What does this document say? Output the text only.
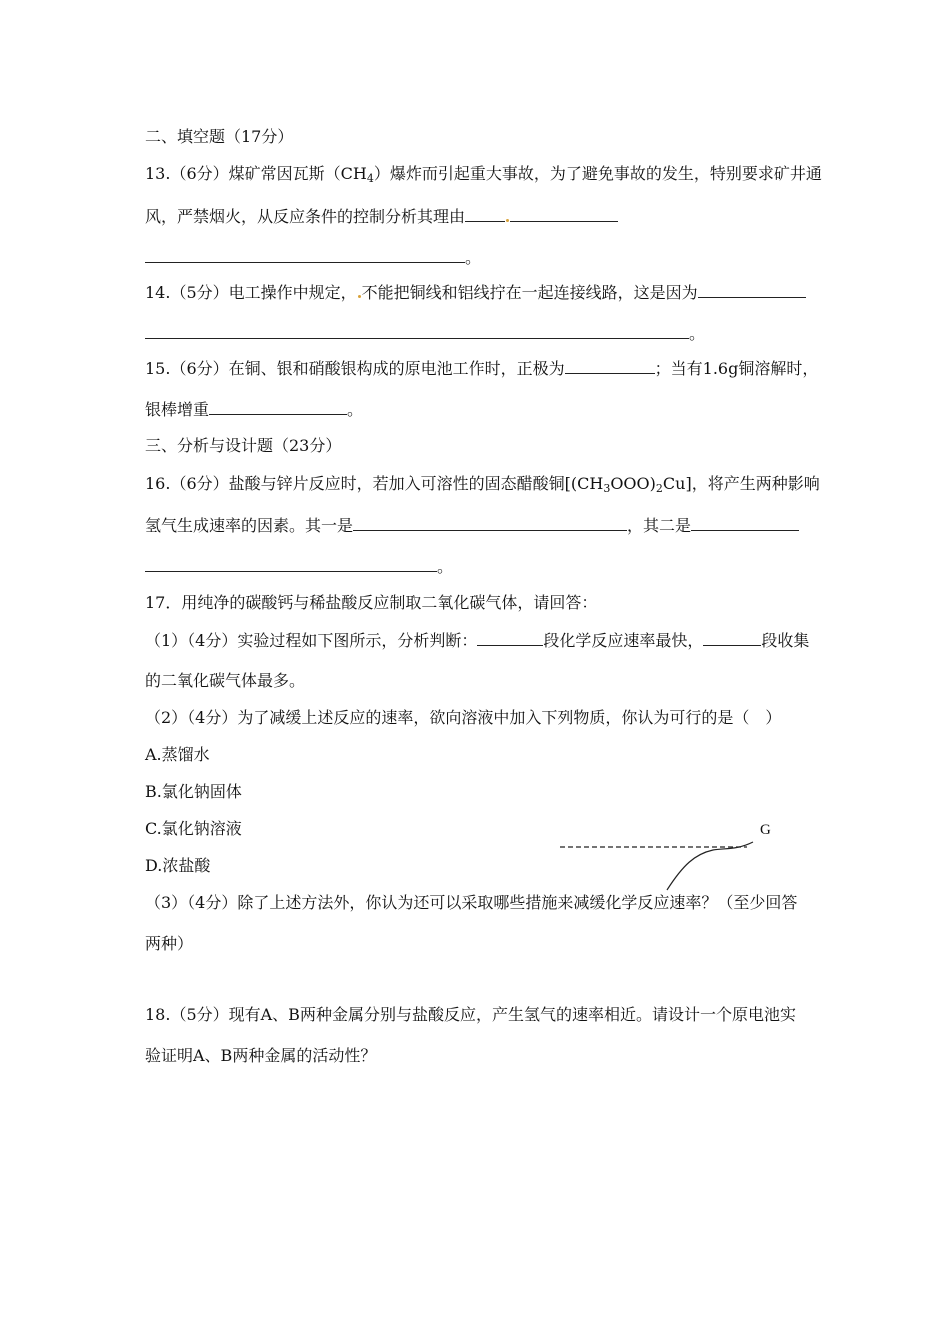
二、填空题（17分）
13.（6分）煤矿常因瓦斯$(CH_4)$爆炸而引起重大事故，为了避免事故的发生，特别要求矿井通
风，严禁烟火，从反应条件的控制分析其理由
。
14.（5分）电工操作中规定， 不能把铜线和铝线拧在一起连接线路，这是因为
。
15.（6分）在铜、银和硝酸银构成的原电池工作时，正极为	；当有1.6g铜溶解时，
银棒增重	。
三、分析与设计题（23分）
16.（6分）盐酸与锌片反应时，若加入可溶性的固态醋酸铜$[(CH_3OOO)_2Cu]$，将产生两种影响
氢气生成速率的因素。其一是	，其二是
。
17．用纯净的碳酸钙与稀盐酸反应制取二氧化碳气体，请回答：
（1）（4分）实验过程如下图所示，分析判断：	段化学反应速率最快，	段收集
的二氧化碳气体最多。
（2）（4分）为了减缓上述反应的速率，欲向溶液中加入下列物质，你认为可行的是（　）
A.蒸馏水
B.氯化钠固体
C.氯化钠溶液
D.浓盐酸
G
（3）（4分）除了上述方法外，你认为还可以采取哪些措施来减缓化学反应速率？（至少回答
两种）
18.（5分）现有A、B两种金属分别与盐酸反应，产生氢气的速率相近。请设计一个原电池实
验证明A、B两种金属的活动性？
